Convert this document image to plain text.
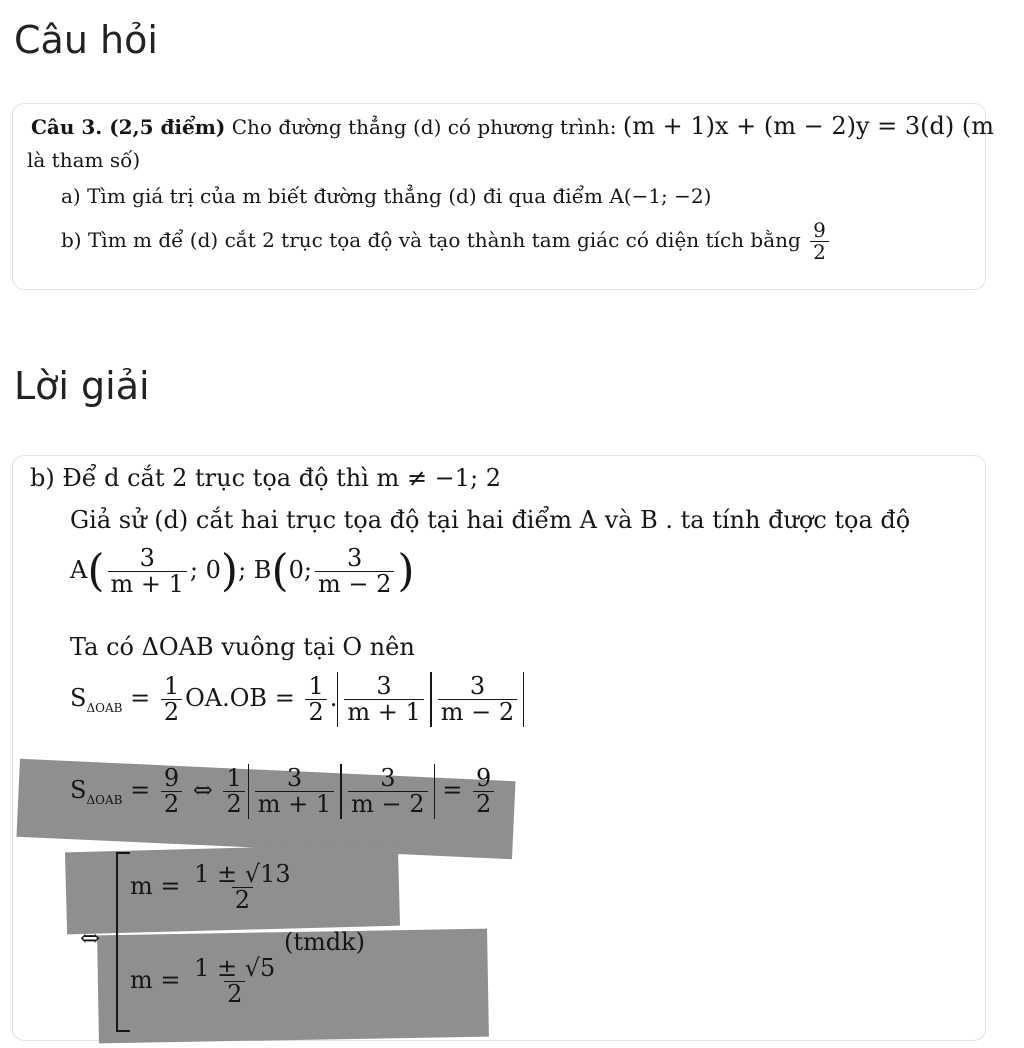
Câu hỏi
Câu 3. (2,5 điểm) Cho đường thẳng (d) có phương trình: (m + 1)x + (m − 2)y = 3(d) (m
là tham số)
a) Tìm giá trị của m biết đường thẳng (d) đi qua điểm A(−1; −2)
b) Tìm m để (d) cắt 2 trục tọa độ và tạo thành tam giác có diện tích bằng $\frac{9}{2}$
Lời giải
b) Để d cắt 2 trục tọa độ thì m ≠ −1; 2
Giả sử (d) cắt hai trục tọa độ tại hai điểm A và B . ta tính được tọa độ
$A( \frac{3}{m + 1}$ ; 0); B(0; $\frac{3}{m - 2}$ )
Ta có ΔOAB vuông tại O nên
$S_{\Delta OAB} = \frac{1}{2} OA.OB = \frac{1}{2}$ . $\frac{3}{m + 1} \frac{3}{m - 2}$
$S_{\Delta OAB} = \frac{9}{2}$ ⇔ $\frac{1}{2} \frac{3}{m + 1} \frac{3}{m - 2} = \frac{9}{2}$
⇔
$m = \frac{1 \pm √13}{2}$
(tmdk)
$m = \frac{1 \pm √5}{2}$
